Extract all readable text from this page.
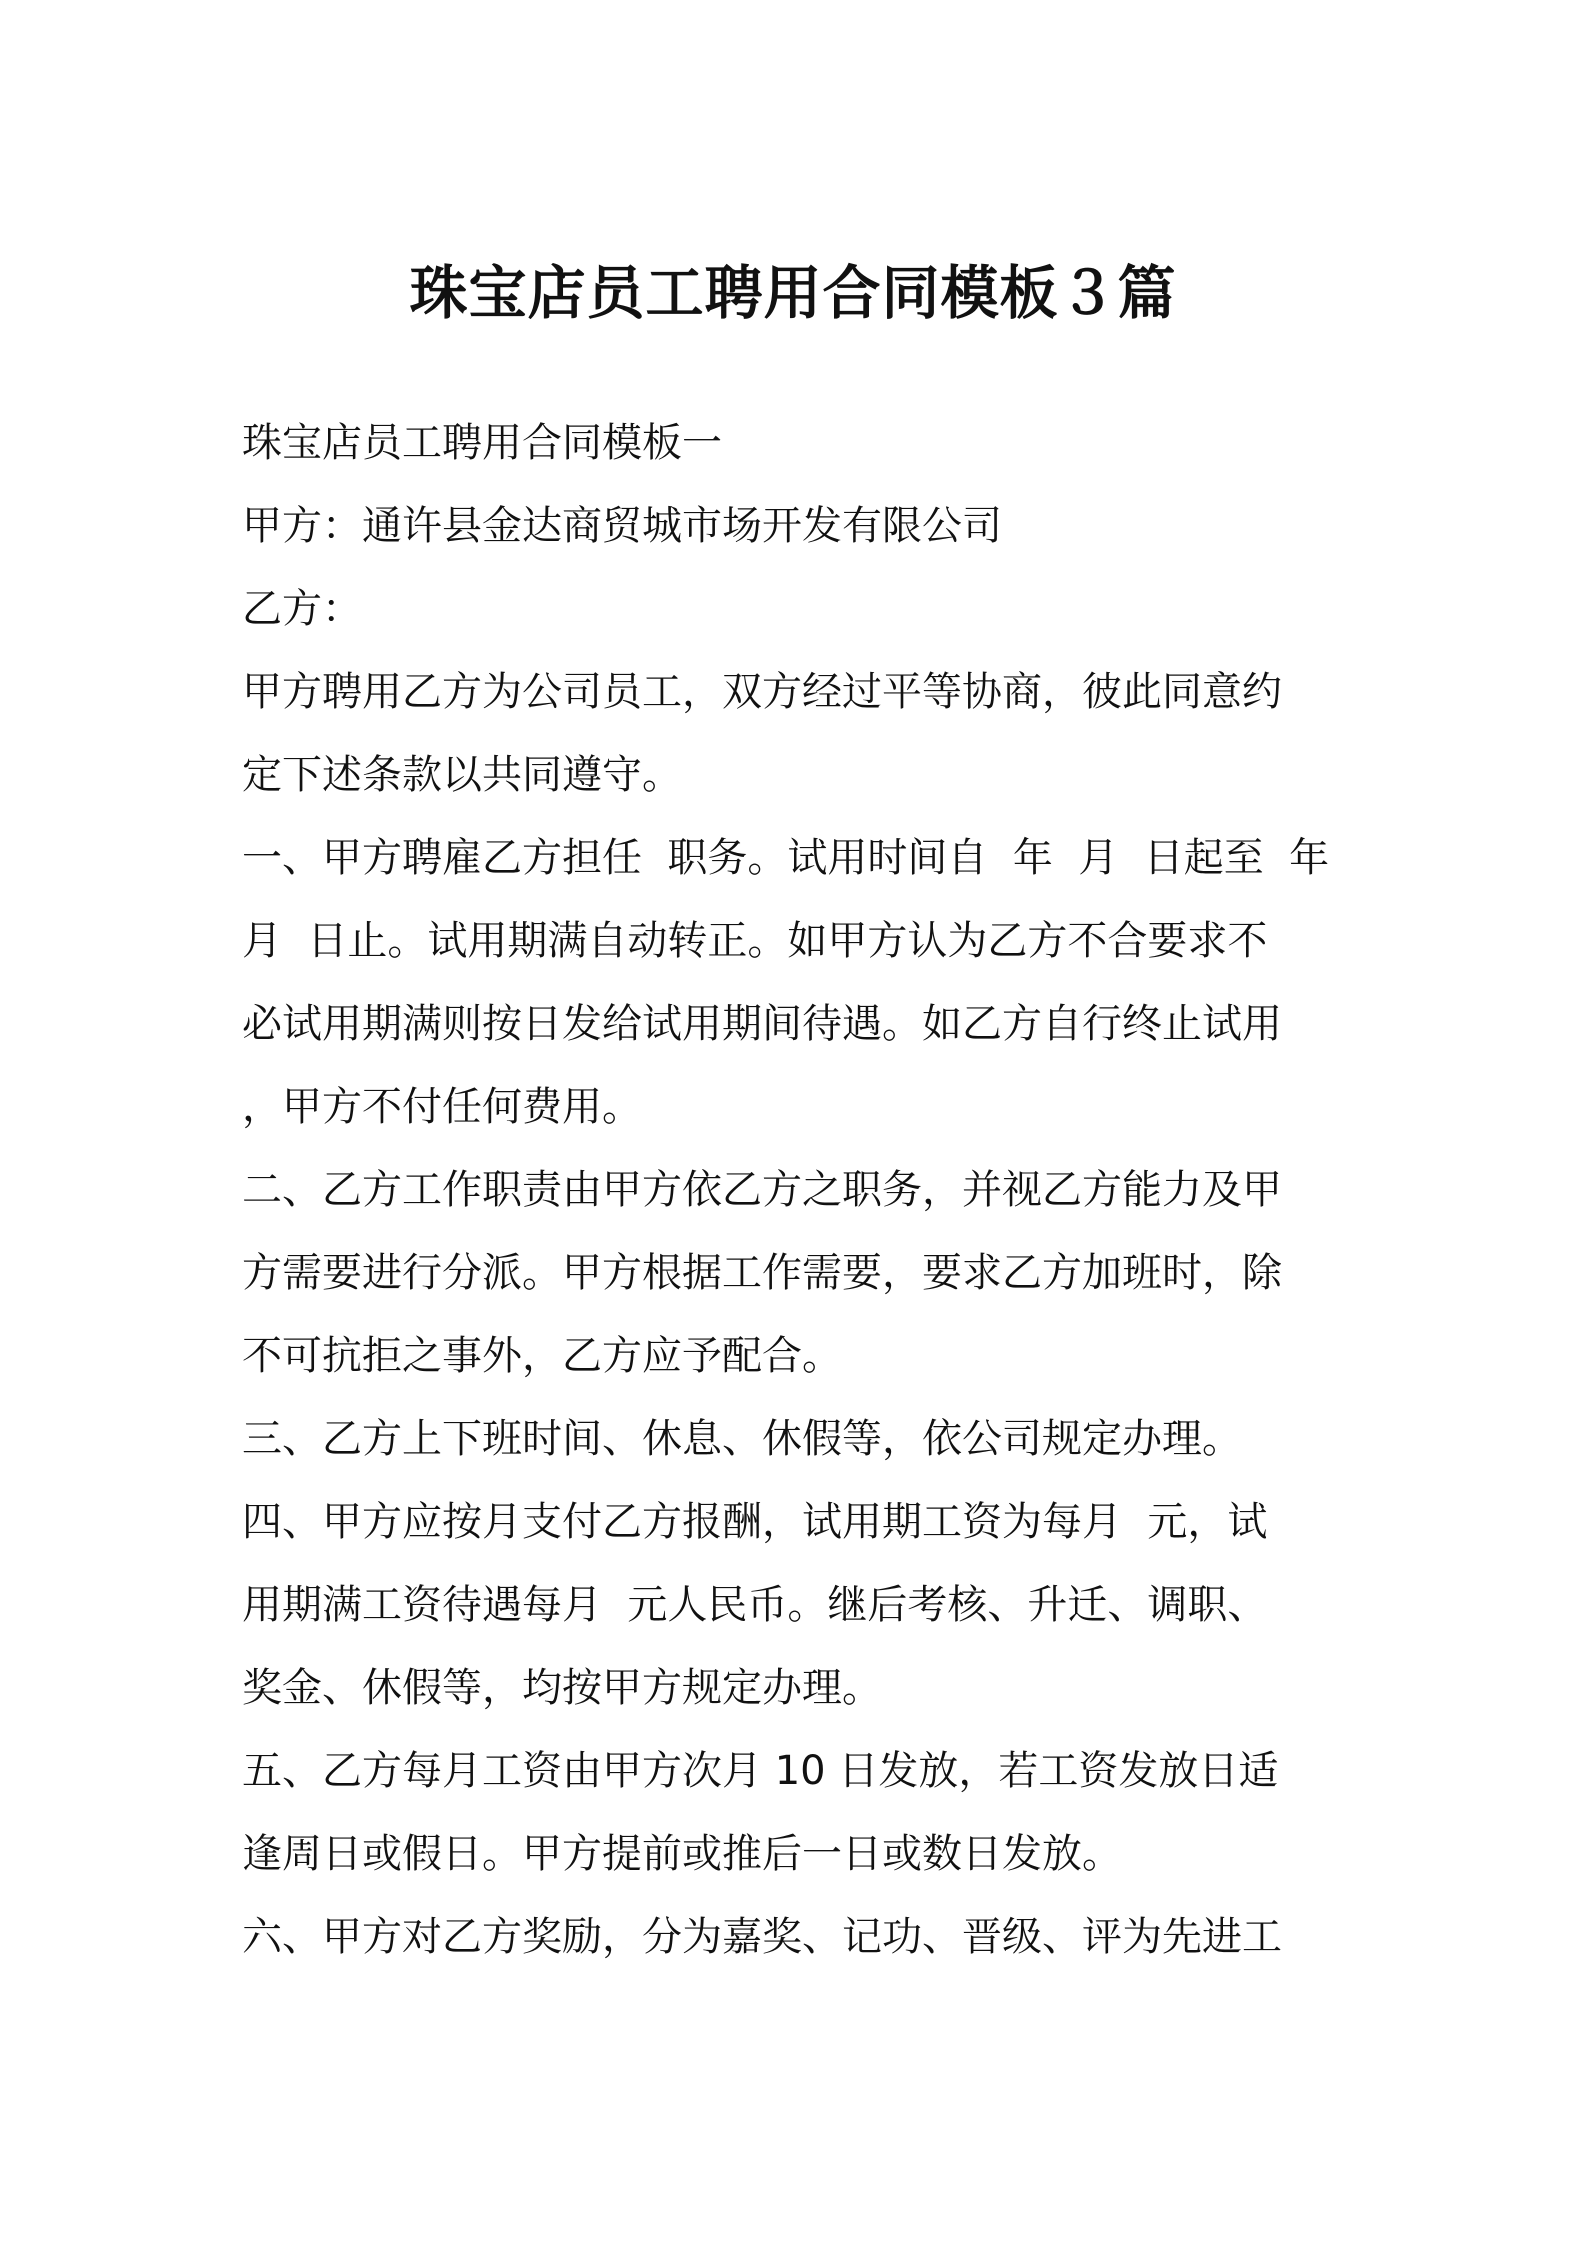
珠宝店员工聘用合同模板３篇

珠宝店员工聘用合同模板一

甲方：通许县金达商贸城市场开发有限公司

乙方：

甲方聘用乙方为公司员工，双方经过平等协商，彼此同意约

定下述条款以共同遵守。

一、甲方聘雇乙方担任  职务。试用时间自  年  月  日起至  年

月  日止。试用期满自动转正。如甲方认为乙方不合要求不

必试用期满则按日发给试用期间待遇。如乙方自行终止试用

，甲方不付任何费用。

二、乙方工作职责由甲方依乙方之职务，并视乙方能力及甲

方需要进行分派。甲方根据工作需要，要求乙方加班时，除

不可抗拒之事外，乙方应予配合。

三、乙方上下班时间、休息、休假等，依公司规定办理。

四、甲方应按月支付乙方报酬，试用期工资为每月  元，试

用期满工资待遇每月  元人民币。继后考核、升迁、调职、

奖金、休假等，均按甲方规定办理。

五、乙方每月工资由甲方次月 10 日发放，若工资发放日适

逢周日或假日。甲方提前或推后一日或数日发放。

六、甲方对乙方奖励，分为嘉奖、记功、晋级、评为先进工
